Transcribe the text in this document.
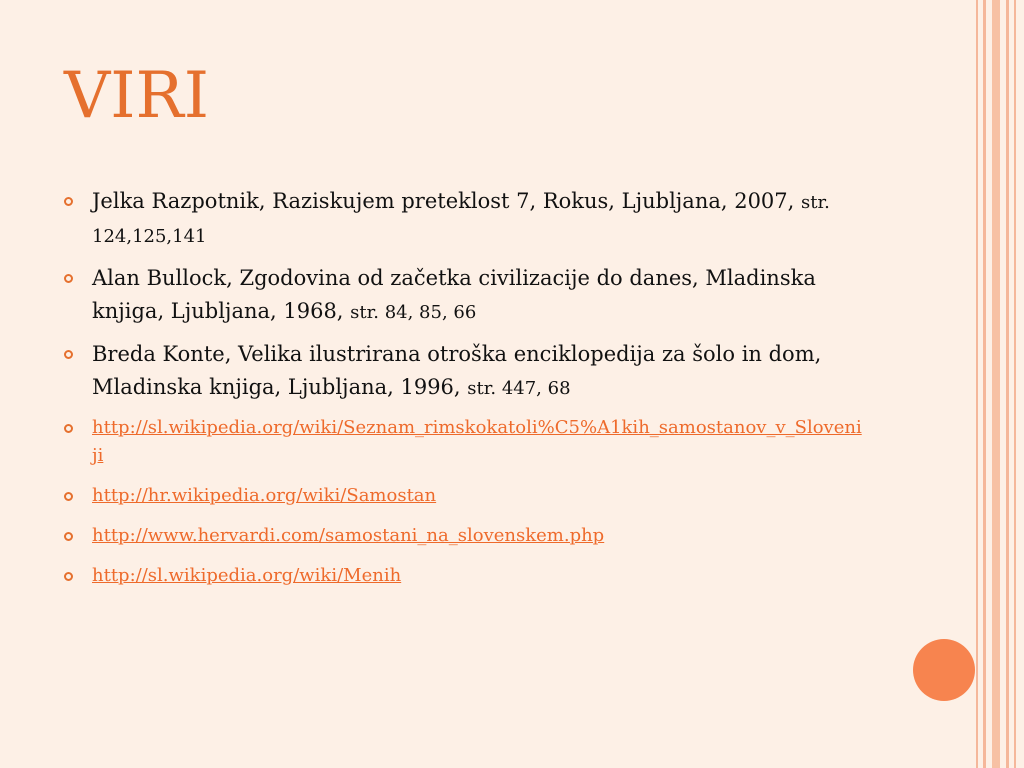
VIRI
Jelka Razpotnik, Raziskujem preteklost 7, Rokus, Ljubljana, 2007, str. 124,125,141
Alan Bullock, Zgodovina od začetka civilizacije do danes, Mladinska knjiga, Ljubljana, 1968, str. 84, 85, 66
Breda Konte, Velika ilustrirana otroška enciklopedija za šolo in dom, Mladinska knjiga, Ljubljana, 1996, str. 447, 68
http://sl.wikipedia.org/wiki/Seznam_rimskokatoli%C5%A1kih_samostanov_v_Sloveniji
http://hr.wikipedia.org/wiki/Samostan
http://www.hervardi.com/samostani_na_slovenskem.php
http://sl.wikipedia.org/wiki/Menih
